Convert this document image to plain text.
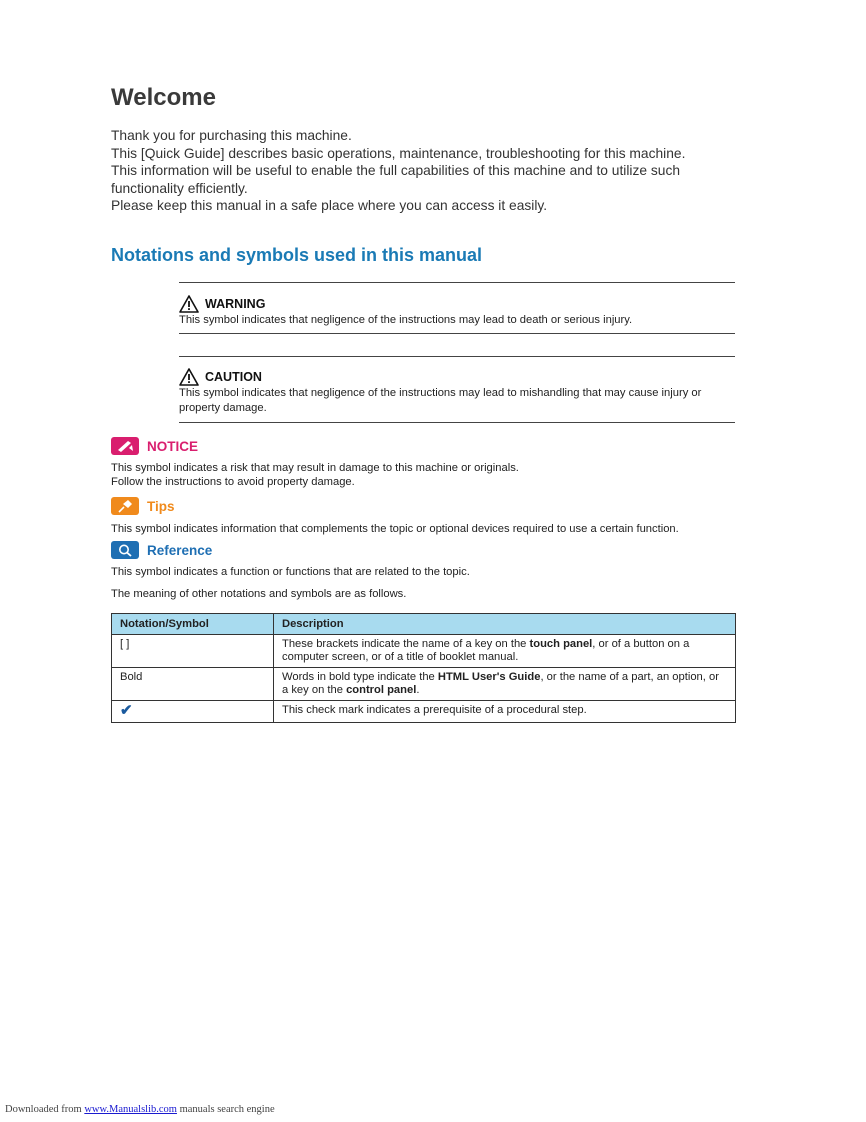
Welcome

Thank you for purchasing this machine.

This [Quick Guide] describes basic operations, maintenance, troubleshooting for this machine.

This information will be useful to enable the full capabilities of this machine and to utilize such functionality efficiently.

Please keep this manual in a safe place where you can access it easily.

Notations and symbols used in this manual
WARNING
This symbol indicates that negligence of the instructions may lead to death or serious injury.
CAUTION
This symbol indicates that negligence of the instructions may lead to mishandling that may cause injury or property damage.
NOTICE

This symbol indicates a risk that may result in damage to this machine or originals.

Follow the instructions to avoid property damage.

Tips
This symbol indicates information that complements the topic or optional devices required to use a certain function.
Reference
This symbol indicates a function or functions that are related to the topic.
The meaning of other notations and symbols are as follows.
Notation/Symbol	Description
[ ]	These brackets indicate the name of a key on the touch panel, or of a button on a computer screen, or of a title of booklet manual.
Bold	Words in bold type indicate the HTML User's Guide, or the name of a part, an option, or a key on the control panel.
✔	This check mark indicates a prerequisite of a procedural step.
Downloaded from www.Manualslib.com manuals search engine
